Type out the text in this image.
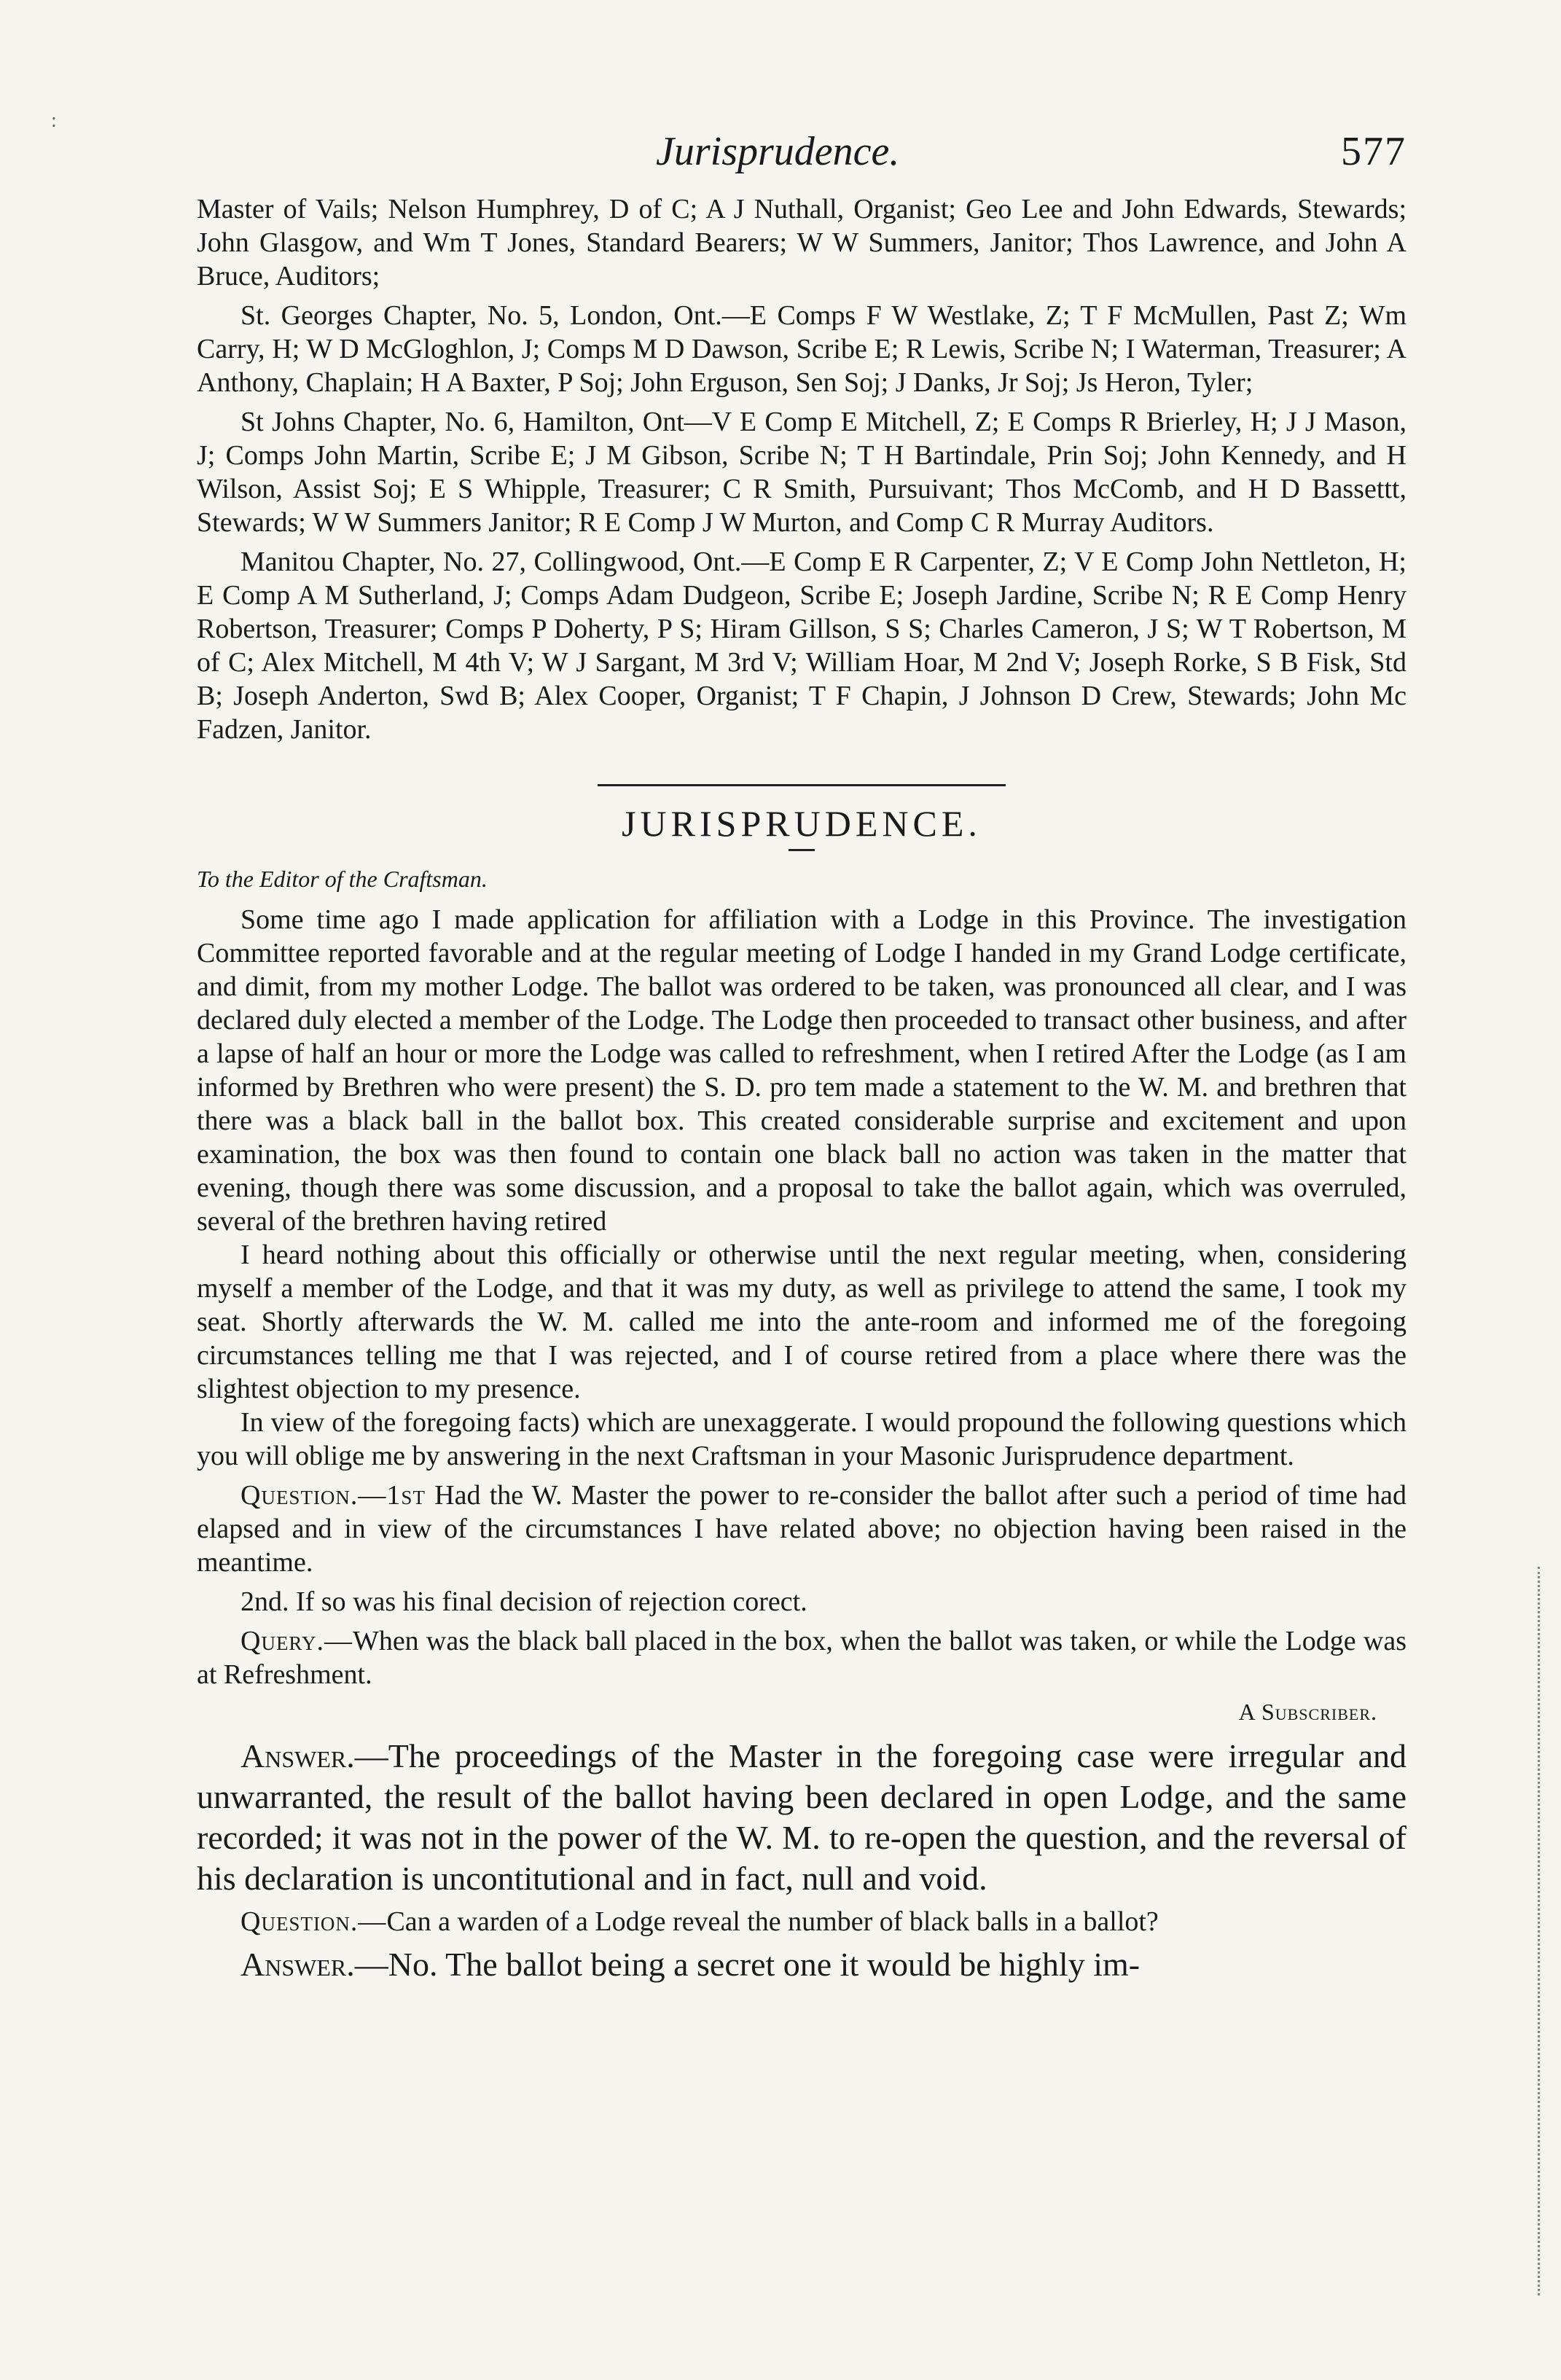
:
Jurisprudence.	577

Master of Vails; Nelson Humphrey, D of C; A J Nuthall, Organist; Geo Lee and John Edwards, Stewards; John Glasgow, and Wm T Jones, Standard Bearers; W W Summers, Janitor; Thos Lawrence, and John A Bruce, Auditors;

St. Georges Chapter, No. 5, London, Ont.—E Comps F W Westlake, Z; T F McMullen, Past Z; Wm Carry, H; W D McGloghlon, J; Comps M D Dawson, Scribe E; R Lewis, Scribe N; I Waterman, Treasurer; A Anthony, Chaplain; H A Baxter, P Soj; John Erguson, Sen Soj; J Danks, Jr Soj; Js Heron, Tyler;

St Johns Chapter, No. 6, Hamilton, Ont—V E Comp E Mitchell, Z; E Comps R Brierley, H; J J Mason, J; Comps John Martin, Scribe E; J M Gibson, Scribe N; T H Bartindale, Prin Soj; John Kennedy, and H Wilson, Assist Soj; E S Whipple, Treasurer; C R Smith, Pursuivant; Thos McComb, and H D Bassettt, Stewards; W W Summers Janitor; R E Comp J W Murton, and Comp C R Murray Auditors.

Manitou Chapter, No. 27, Collingwood, Ont.—E Comp E R Carpenter, Z; V E Comp John Nettleton, H; E Comp A M Sutherland, J; Comps Adam Dudgeon, Scribe E; Joseph Jardine, Scribe N; R E Comp Henry Robertson, Treasurer; Comps P Doherty, P S; Hiram Gillson, S S; Charles Cameron, J S; W T Robertson, M of C; Alex Mitchell, M 4th V; W J Sargant, M 3rd V; William Hoar, M 2nd V; Joseph Rorke, S B Fisk, Std B; Joseph Anderton, Swd B; Alex Cooper, Organist; T F Chapin, J Johnson D Crew, Stewards; John Mc Fadzen, Janitor.

JURISPRUDENCE.
To the Editor of the Craftsman.

Some time ago I made application for affiliation with a Lodge in this Province. The investigation Committee reported favorable and at the regular meeting of Lodge I handed in my Grand Lodge certificate, and dimit, from my mother Lodge. The ballot was ordered to be taken, was pronounced all clear, and I was declared duly elected a member of the Lodge. The Lodge then proceeded to transact other business, and after a lapse of half an hour or more the Lodge was called to refreshment, when I retired After the Lodge (as I am informed by Brethren who were present) the S. D. pro tem made a statement to the W. M. and brethren that there was a black ball in the ballot box. This created considerable surprise and excitement and upon examination, the box was then found to contain one black ball no action was taken in the matter that evening, though there was some discussion, and a proposal to take the ballot again, which was overruled, several of the brethren having retired

I heard nothing about this officially or otherwise until the next regular meeting, when, considering myself a member of the Lodge, and that it was my duty, as well as privilege to attend the same, I took my seat. Shortly afterwards the W. M. called me into the ante-room and informed me of the foregoing circumstances telling me that I was rejected, and I of course retired from a place where there was the slightest objection to my presence.

In view of the foregoing facts) which are unexaggerate. I would propound the following questions which you will oblige me by answering in the next Craftsman in your Masonic Jurisprudence department.

Question.—1st Had the W. Master the power to re-consider the ballot after such a period of time had elapsed and in view of the circumstances I have related above; no objection having been raised in the meantime.

2nd. If so was his final decision of rejection corect.

Query.—When was the black ball placed in the box, when the ballot was taken, or while the Lodge was at Refreshment.

A Subscriber.

Answer.—The proceedings of the Master in the foregoing case were irregular and unwarranted, the result of the ballot having been declared in open Lodge, and the same recorded; it was not in the power of the W. M. to re-open the question, and the reversal of his declaration is uncontitutional and in fact, null and void.

Question.—Can a warden of a Lodge reveal the number of black balls in a ballot?

Answer.—No. The ballot being a secret one it would be highly im-
